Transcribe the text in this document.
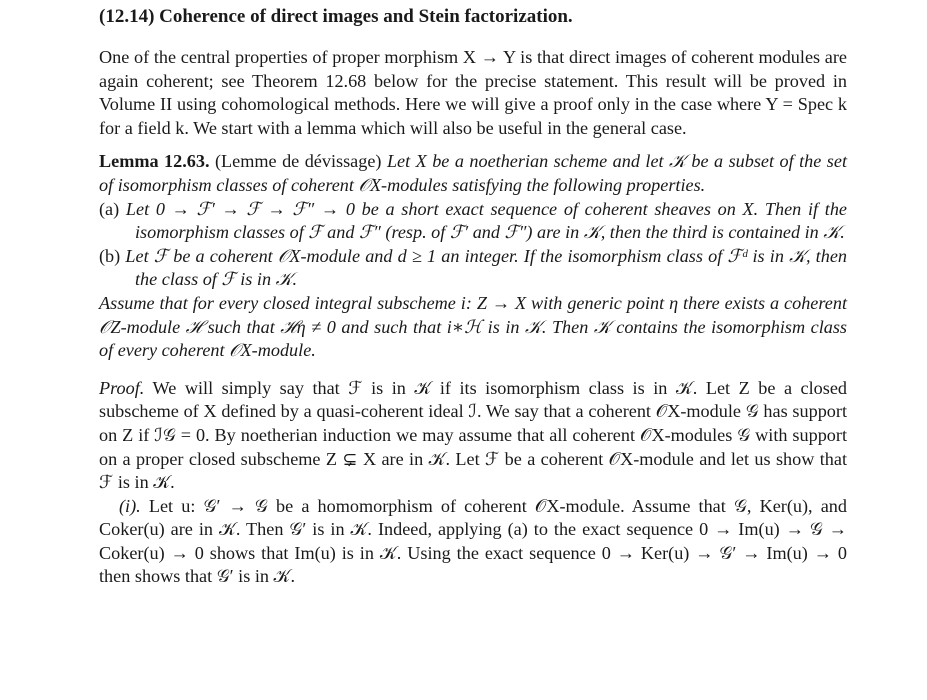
(12.14) Coherence of direct images and Stein factorization.

One of the central properties of proper morphism X → Y is that direct images of coherent modules are again coherent; see Theorem 12.68 below for the precise statement. This result will be proved in Volume II using cohomological methods. Here we will give a proof only in the case where Y = Spec k for a field k. We start with a lemma which will also be useful in the general case.

Lemma 12.63. (Lemme de dévissage) Let X be a noetherian scheme and let 𝒦 be a subset of the set of isomorphism classes of coherent 𝒪X-modules satisfying the following properties.

(a) Let 0 → ℱ′ → ℱ → ℱ″ → 0 be a short exact sequence of coherent sheaves on X. Then if the isomorphism classes of ℱ and ℱ″ (resp. of ℱ′ and ℱ″) are in 𝒦, then the third is contained in 𝒦.
(b) Let ℱ be a coherent 𝒪X-module and d ≥ 1 an integer. If the isomorphism class of ℱᵈ is in 𝒦, then the class of ℱ is in 𝒦.

Assume that for every closed integral subscheme i: Z → X with generic point η there exists a coherent 𝒪Z-module ℋ such that ℋη ≠ 0 and such that i∗ℋ is in 𝒦. Then 𝒦 contains the isomorphism class of every coherent 𝒪X-module.

Proof. We will simply say that ℱ is in 𝒦 if its isomorphism class is in 𝒦. Let Z be a closed subscheme of X defined by a quasi-coherent ideal ℐ. We say that a coherent 𝒪X-module 𝒢 has support on Z if ℐ𝒢 = 0. By noetherian induction we may assume that all coherent 𝒪X-modules 𝒢 with support on a proper closed subscheme Z ⊊ X are in 𝒦. Let ℱ be a coherent 𝒪X-module and let us show that ℱ is in 𝒦.

(i). Let u: 𝒢′ → 𝒢 be a homomorphism of coherent 𝒪X-module. Assume that 𝒢, Ker(u), and Coker(u) are in 𝒦. Then 𝒢′ is in 𝒦. Indeed, applying (a) to the exact sequence 0 → Im(u) → 𝒢 → Coker(u) → 0 shows that Im(u) is in 𝒦. Using the exact sequence 0 → Ker(u) → 𝒢′ → Im(u) → 0 then shows that 𝒢′ is in 𝒦.
